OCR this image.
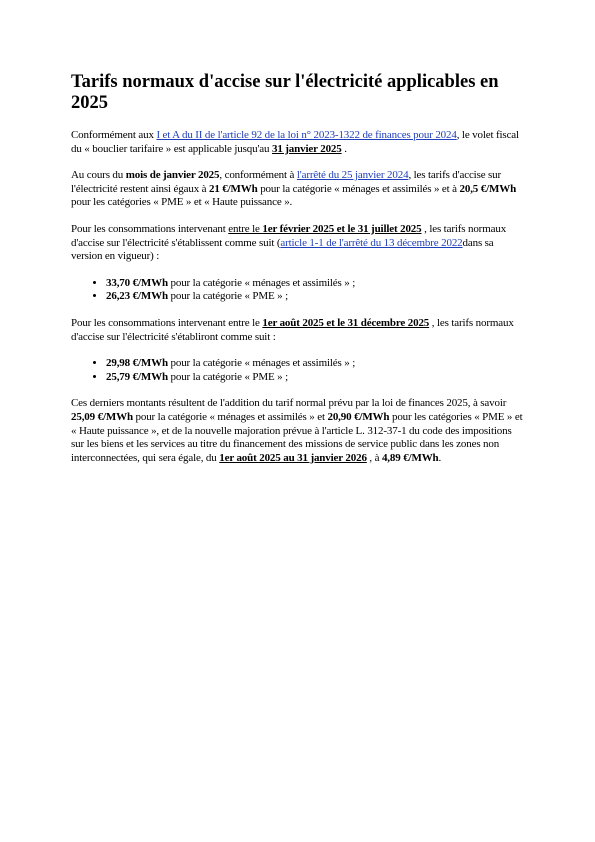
Tarifs normaux d'accise sur l'électricité applicables en 2025

Conformément aux I et A du II de l'article 92 de la loi n° 2023-1322 de finances pour 2024, le volet fiscal du « bouclier tarifaire » est applicable jusqu'au 31 janvier 2025 .

Au cours du mois de janvier 2025, conformément à l'arrêté du 25 janvier 2024, les tarifs d'accise sur l'électricité restent ainsi égaux à 21 €/MWh pour la catégorie « ménages et assimilés » et à 20,5 €/MWh pour les catégories « PME » et « Haute puissance ».

Pour les consommations intervenant entre le 1er février 2025 et le 31 juillet 2025 , les tarifs normaux d'accise sur l'électricité s'établissent comme suit (article 1-1 de l'arrêté du 13 décembre 2022dans sa version en vigueur) :

• 33,70 €/MWh pour la catégorie « ménages et assimilés » ;
• 26,23 €/MWh pour la catégorie « PME » ;

Pour les consommations intervenant entre le 1er août 2025 et le 31 décembre 2025 , les tarifs normaux d'accise sur l'électricité s'établiront comme suit :

• 29,98 €/MWh pour la catégorie « ménages et assimilés » ;
• 25,79 €/MWh pour la catégorie « PME » ;

Ces derniers montants résultent de l'addition du tarif normal prévu par la loi de finances 2025, à savoir 25,09 €/MWh pour la catégorie « ménages et assimilés » et 20,90 €/MWh pour les catégories « PME » et « Haute puissance », et de la nouvelle majoration prévue à l'article L. 312-37-1 du code des impositions sur les biens et les services au titre du financement des missions de service public dans les zones non interconnectées, qui sera égale, du 1er août 2025 au 31 janvier 2026 , à 4,89 €/MWh.
